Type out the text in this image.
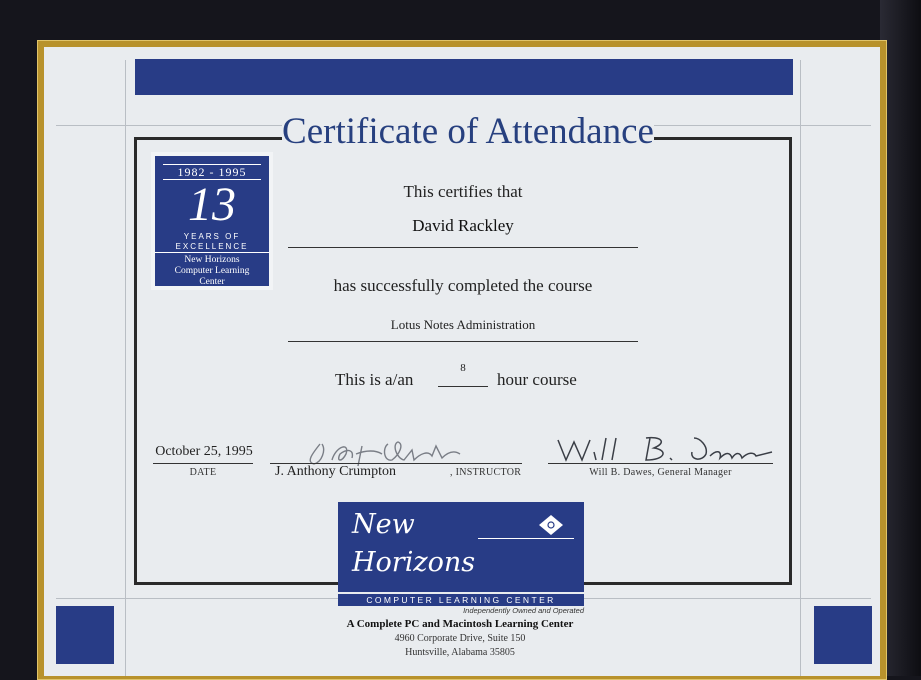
Certificate of Attendance
1982 - 1995
13
YEARS OF
EXCELLENCE
New Horizons
Computer Learning
Center
This certifies that
David Rackley
has successfully completed the course
Lotus Notes Administration
This is a/an
8
hour course
October 25, 1995
DATE	J. Anthony Crumpton	, INSTRUCTOR	Will B. Dawes, General Manager
New
Horizons
COMPUTER LEARNING CENTER
Independently Owned and Operated
A Complete PC and Macintosh Learning Center
4960 Corporate Drive, Suite 150
Huntsville, Alabama 35805
